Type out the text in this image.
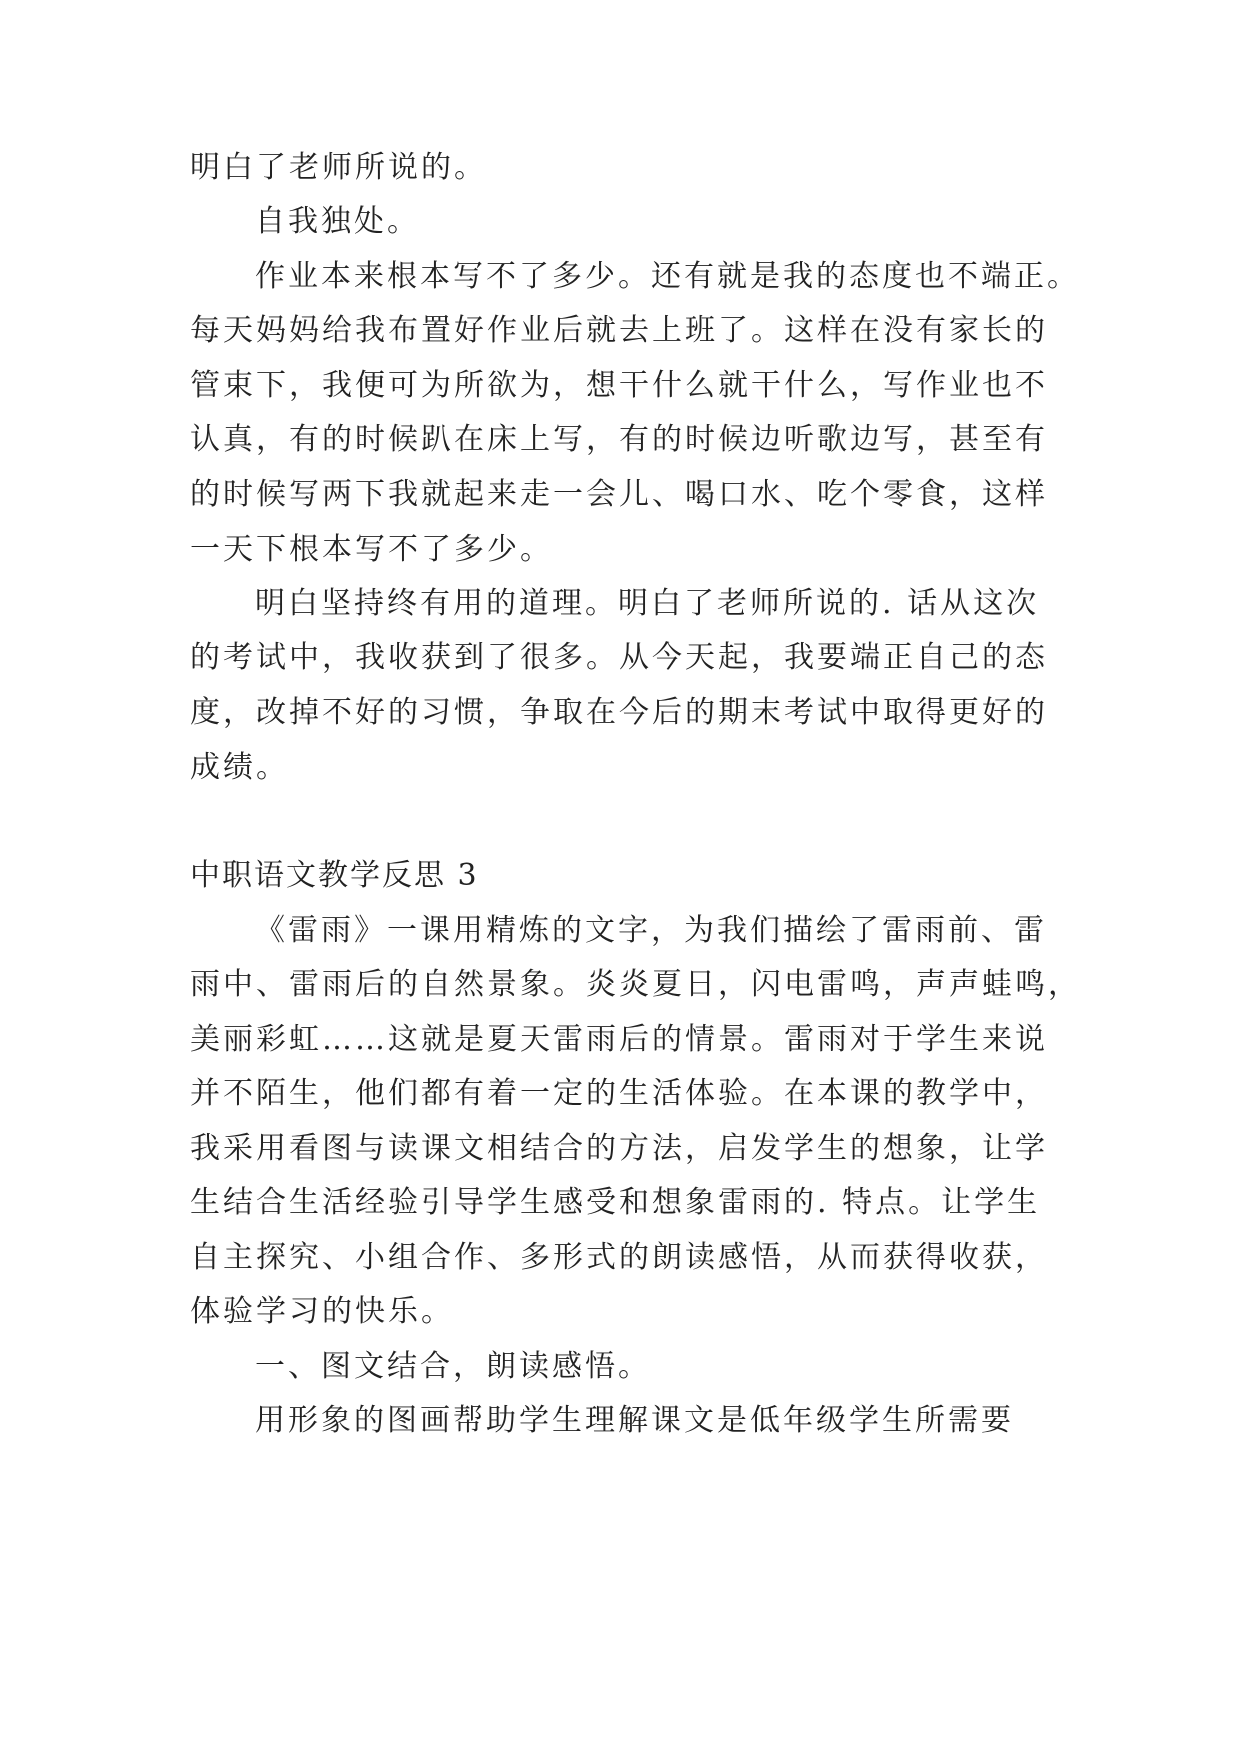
明白了老师所说的。
自我独处。
作业本来根本写不了多少。还有就是我的态度也不端正。
每天妈妈给我布置好作业后就去上班了。这样在没有家长的
管束下，我便可为所欲为，想干什么就干什么，写作业也不
认真，有的时候趴在床上写，有的时候边听歌边写，甚至有
的时候写两下我就起来走一会儿、喝口水、吃个零食，这样
一天下根本写不了多少。
明白坚持终有用的道理。明白了老师所说的. 话从这次
的考试中，我收获到了很多。从今天起，我要端正自己的态
度，改掉不好的习惯，争取在今后的期末考试中取得更好的
成绩。
中职语文教学反思 3
《雷雨》一课用精炼的文字，为我们描绘了雷雨前、雷
雨中、雷雨后的自然景象。炎炎夏日，闪电雷鸣，声声蛙鸣，
美丽彩虹……这就是夏天雷雨后的情景。雷雨对于学生来说
并不陌生，他们都有着一定的生活体验。在本课的教学中，
我采用看图与读课文相结合的方法，启发学生的想象，让学
生结合生活经验引导学生感受和想象雷雨的. 特点。让学生
自主探究、小组合作、多形式的朗读感悟，从而获得收获，
体验学习的快乐。
一、图文结合，朗读感悟。
用形象的图画帮助学生理解课文是低年级学生所需要
